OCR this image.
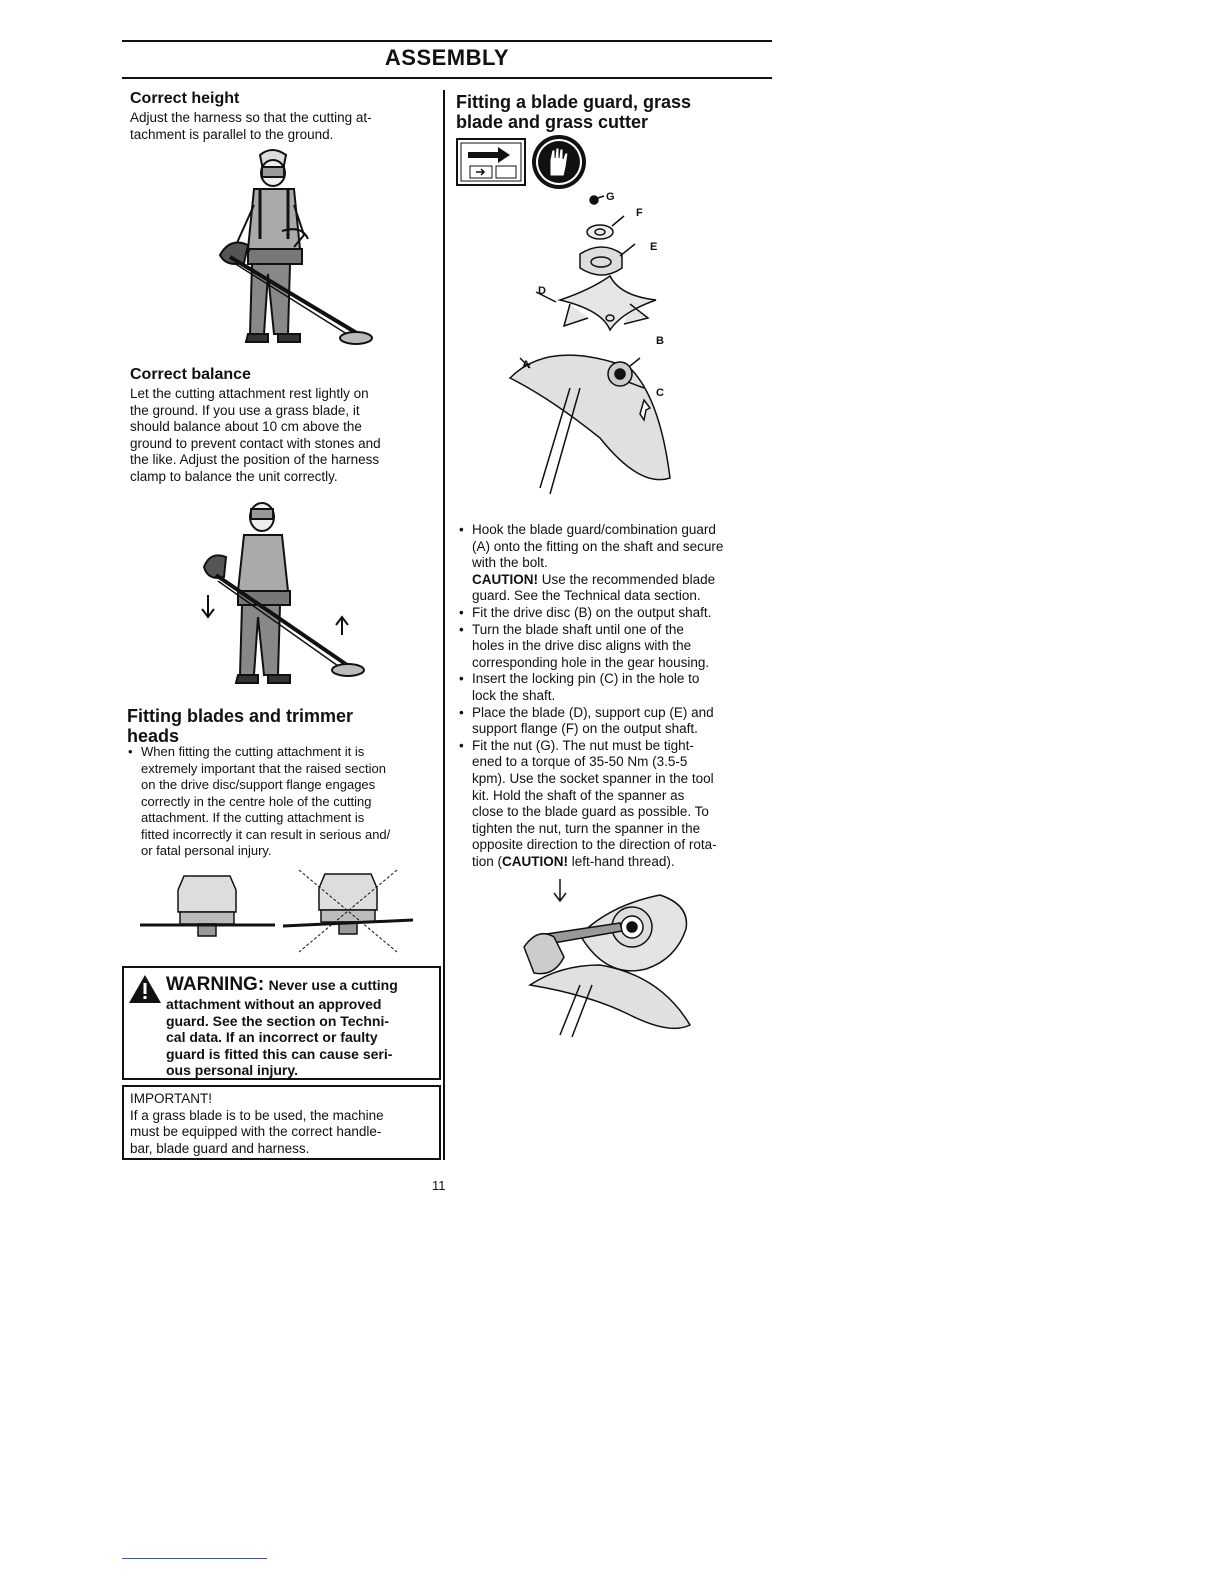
ASSEMBLY
Correct height
Adjust the harness so that the cutting at-
tachment is parallel to the ground.
Correct balance
Let the cutting attachment rest lightly on
the ground. If you use a grass blade, it
should balance about 10 cm above the
ground to prevent contact with stones and
the like. Adjust the position of the harness
clamp to balance the unit correctly.
Fitting blades and trimmer
heads
• When fitting the cutting attachment it is
extremely important that the raised section
on the drive disc/support flange engages
correctly in the centre hole of the cutting
attachment. If the cutting attachment is
fitted incorrectly it can result in serious and/
or fatal personal injury.
WARNING: Never use a cutting
attachment without an approved
guard. See the section on Techni-
cal data. If an incorrect or faulty
guard is fitted this can cause seri-
ous personal injury.
IMPORTANT!
If a grass blade is to be used, the machine
must be equipped with the correct handle-
bar, blade guard and harness.
Fitting a blade guard, grass
blade and grass cutter
G
F
E
D
A
B
C
• Hook the blade guard/combination guard
(A) onto the fitting on the shaft and secure
with the bolt.
CAUTION! Use the recommended blade
guard. See the Technical data section.
• Fit the drive disc (B) on the output shaft.
• Turn the blade shaft until one of the
holes in the drive disc aligns with the
corresponding hole in the gear housing.
• Insert the locking pin (C) in the hole to
lock the shaft.
• Place the blade (D), support cup (E) and
support flange (F) on the output shaft.
• Fit the nut (G). The nut must be tight-
ened to a torque of 35-50 Nm (3.5-5
kpm). Use the socket spanner in the tool
kit. Hold the shaft of the spanner as
close to the blade guard as possible. To
tighten the nut, turn the spanner in the
opposite direction to the direction of rota-
tion (CAUTION! left-hand thread).
11
